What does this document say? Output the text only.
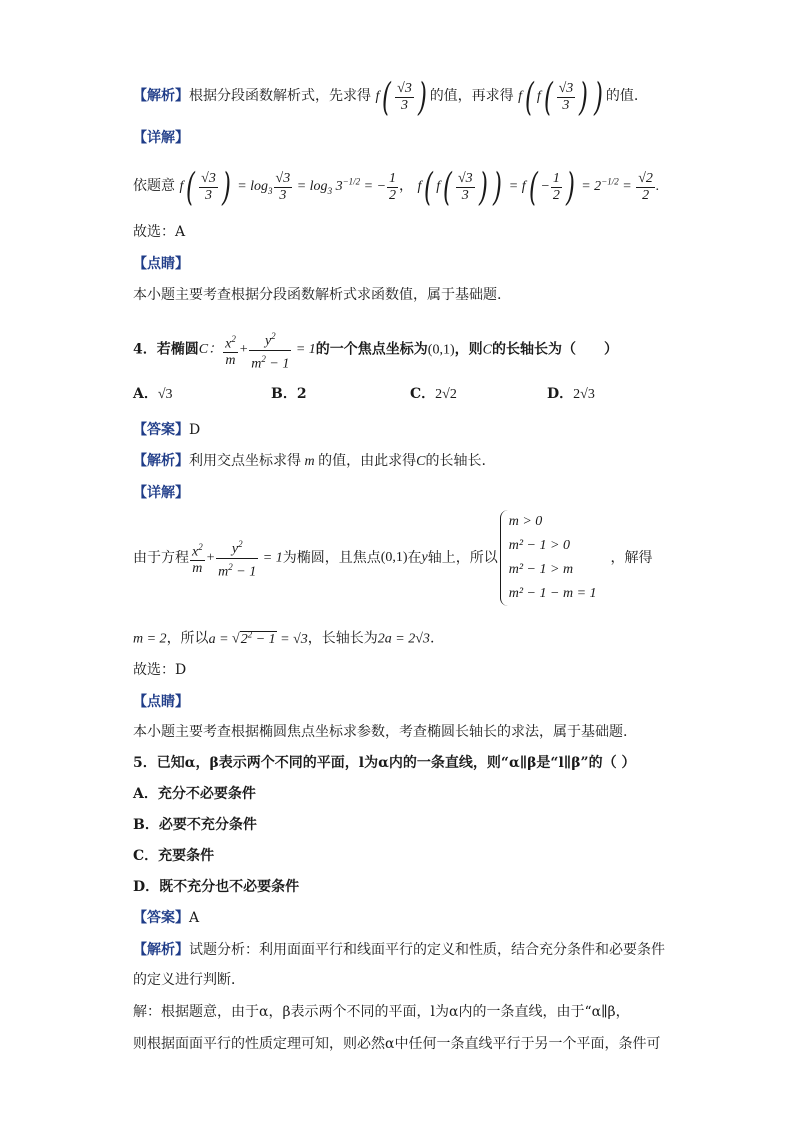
【解析】根据分段函数解析式，先求得 $f( \frac{√3}{3}$ ) 的值，再求得 f( $f( \frac{√3}{3}$ ) ) 的值.
【详解】
依题意 $f( \frac{√3}{3}$ ) = $\log_3 \frac{√3}{3} = \log_3 3^{-1/2}$ = − $\frac{1}{2}$ ， f( $f( \frac{√3}{3}$ ) ) = $f( - \frac{1}{2}$ ) = $2^{-1/2} = \frac{√2}{2}$ .
故选：A
【点睛】
本小题主要考查根据分段函数解析式求函数值，属于基础题.
4．若椭圆C： $\frac{x^2}{m} + \frac{y^2}{m^2 - 1} = 1$的一个焦点坐标为(0,1)，则C的长轴长为（　　）
A．√3	B．2	C．2√2	D．2√3
【答案】D
【解析】利用交点坐标求得 m 的值，由此求得C的长轴长.
【详解】
由于方程 $\frac{x^2}{m} + \frac{y^2}{m^2 - 1} = 1$ 为椭圆，且焦点 (0,1) 在 y 轴上，所以
m > 0
m² − 1 > 0
m² − 1 > m
m² − 1 − m = 1
，解得
m = 2，所以$a = √2^2 - 1 = √3$，长轴长为2a = 2√3.
故选：D
【点睛】
本小题主要考查根据椭圆焦点坐标求参数，考查椭圆长轴长的求法，属于基础题.
5．已知α，β表示两个不同的平面，l为α内的一条直线，则“α∥β是“l∥β”的（ ）
A．充分不必要条件
B．必要不充分条件
C．充要条件
D．既不充分也不必要条件
【答案】A
【解析】试题分析：利用面面平行和线面平行的定义和性质，结合充分条件和必要条件
的定义进行判断．
解：根据题意，由于α，β表示两个不同的平面，l为α内的一条直线，由于“α∥β，
则根据面面平行的性质定理可知，则必然α中任何一条直线平行于另一个平面，条件可
